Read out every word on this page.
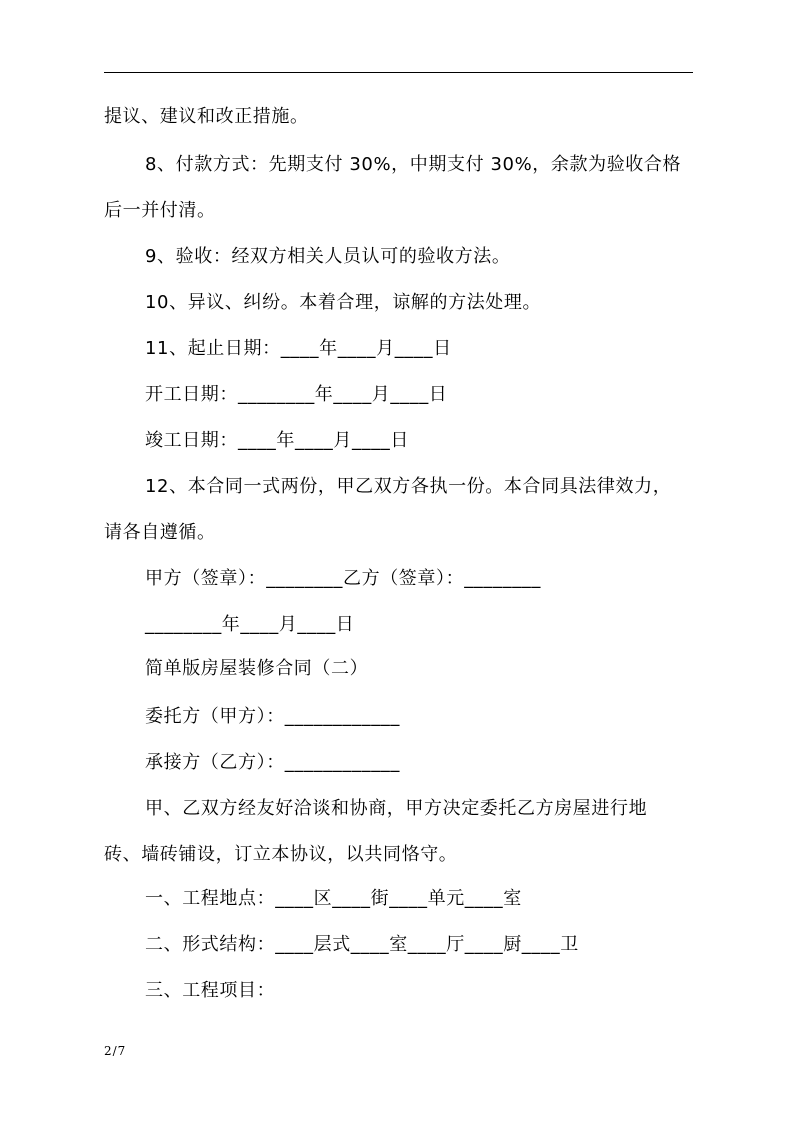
提议、建议和改正措施。
8、付款方式：先期支付 30%，中期支付 30%，余款为验收合格
后一并付清。
9、验收：经双方相关人员认可的验收方法。
10、异议、纠纷。本着合理，谅解的方法处理。
11、起止日期：____年____月____日
开工日期：________年____月____日
竣工日期：____年____月____日
12、本合同一式两份，甲乙双方各执一份。本合同具法律效力，
请各自遵循。
甲方（签章）：________乙方（签章）：________
________年____月____日
简单版房屋装修合同（二）
委托方（甲方）：____________
承接方（乙方）：____________
甲、乙双方经友好洽谈和协商，甲方决定委托乙方房屋进行地
砖、墙砖铺设，订立本协议，以共同恪守。
一、工程地点：____区____街____单元____室
二、形式结构：____层式____室____厅____厨____卫
三、工程项目：
2/7
